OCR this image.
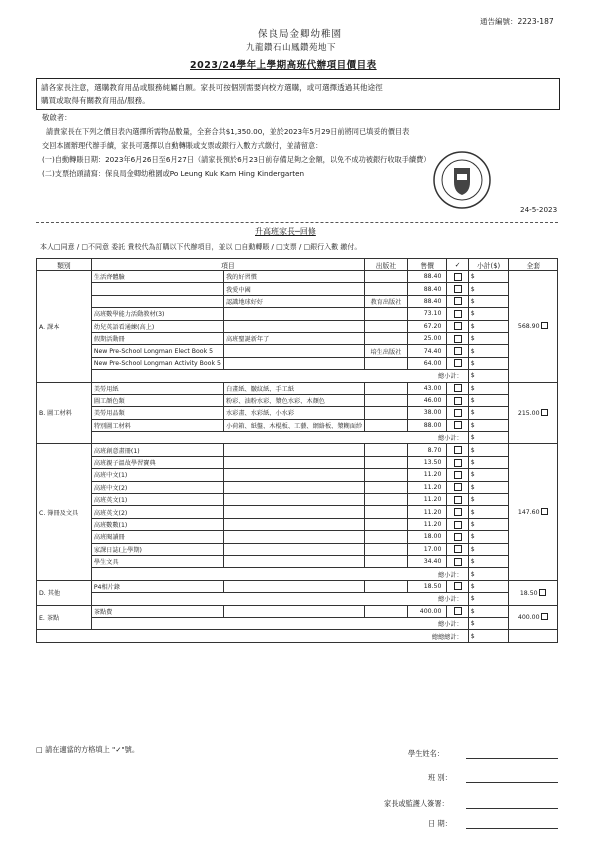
通告編號：2223-187
保良局金卿幼稚園
九龍鑽石山鳳鑽苑地下
2023/24學年上學期高班代辦項目價目表
請各家長注意，選購教育用品或服務純屬自願。家長可按個別需要向校方選購，或可選擇透過其他途徑
購買或取得有關教育用品/服務。
敬啟者：
請貴家長在下列之價目表內選擇所需物品數量，全套合共$1,350.00，並於2023年5月29日前將同已填妥的價目表
交回本園辦理代辦手續，家長可選擇以自動轉賬或支票或銀行入數方式繳付，並請留意：
(一)自動轉賬日期：2023年6月26日至6月27日（請家長預於6月23日前存備足夠之金額，以免不成功被銀行收取手續費）
(二)支票抬頭請寫：保良局金卿幼稚園或Po Leung Kuk Kam Hing Kindergarten
24-5-2023
升高班家長─回條
本人□同意 / □不同意 委託 貴校代為訂購以下代辦項目，並以 □自動轉賬 / □支票 / □銀行入數 繳付。
類別	項目		出版社	售價	✓	小計($)	全套
A. 課本	生活齊體驗	我的好習慣		88.40		$	568.90
		我愛中國		88.40		$	
		認識地球好好	教育出版社	88.40		$	
	高班數學能力活動教材(3)			73.10		$	
	幼兒英語看通練(高上)			67.20		$	
	假期活動冊	高班聖誕新年了		25.00		$	
	New Pre-School Longman Elect Book 5		培生出版社	74.40		$	
	New Pre-School Longman Activity Book 5			64.00		$	
	總小計：					$	
B. 圖工材料	美勞用紙	白畫紙、皺紋紙、手工紙		43.00		$	215.00
	圖工顏色類	粉彩、油粉水彩、漿色水彩、木顏色		46.00		$	
	美勞用品類	水彩畫、水彩紙、小水彩		38.00		$	
	特別圖工材料	小荷箱、紙盤、木棍板、工藝、網絡板、漿糊面紗		88.00		$	
	總小計：					$	
C. 簿冊及文具	高班創意畫冊(1)			8.70		$	147.60
	高班親子溫故學習寶典			13.50		$	
	高班中文(1)			11.20		$	
	高班中文(2)			11.20		$	
	高班英文(1)			11.20		$	
	高班英文(2)			11.20		$	
	高班數數(1)			11.20		$	
	高班閱讀冊			18.00		$	
	家課日誌(上學期)			17.00		$	
	學生文具			34.40		$	
	總小計：					$	
D. 其他	P4相片錄			18.50		$	18.50
	總小計：					$	
E. 茶點	茶點費			400.00		$	400.00
	總小計：					$	
總總總計：						$	
□ 請在適當的方格填上 "✓"號。	學生姓名：
班 別：
家長或監護人簽署：
日 期：
